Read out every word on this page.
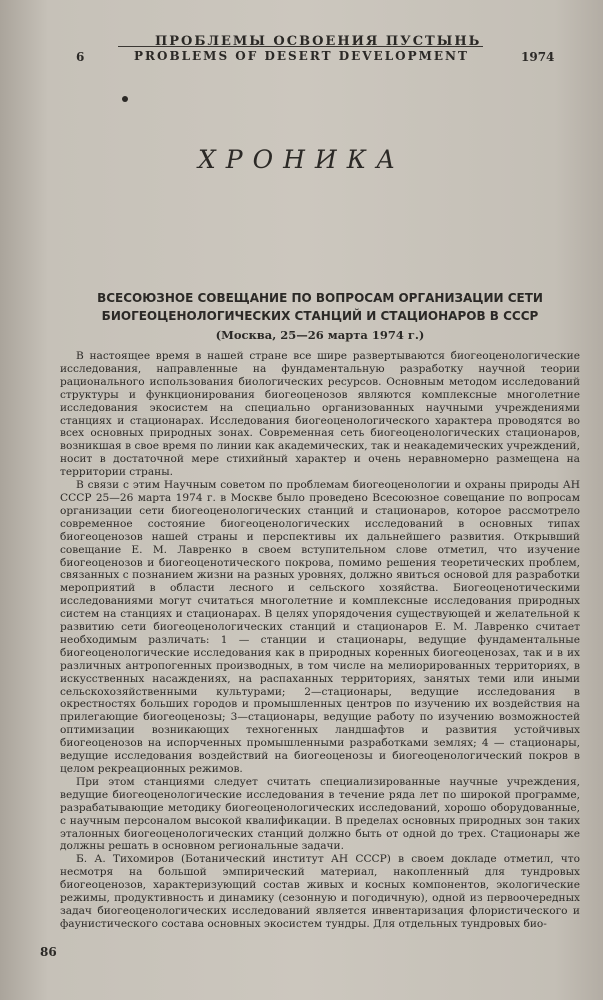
ПРОБЛЕМЫ ОСВОЕНИЯ ПУСТЫНЬ
6	PROBLEMS OF DESERT DEVELOPMENT	1974
ХРОНИКА
ВСЕСОЮЗНОЕ СОВЕЩАНИЕ ПО ВОПРОСАМ ОРГАНИЗАЦИИ СЕТИ
БИОГЕОЦЕНОЛОГИЧЕСКИХ СТАНЦИЙ И СТАЦИОНАРОВ В СССР
(Москва, 25—26 марта 1974 г.)

В настоящее время в нашей стране все шире развертываются биогеоценологические исследования, направленные на фундаментальную разработку научной теории рационального использования биологических ресурсов. Основным методом исследований структуры и функционирования биогеоценозов являются комплексные многолетние исследования экосистем на специально организованных научными учреждениями станциях и стационарах. Исследования биогеоценологического характера проводятся во всех основных природных зонах. Современная сеть биогеоценологических стационаров, возникшая в свое время по линии как академических, так и неакадемических учреждений, носит в достаточной мере стихийный характер и очень неравномерно размещена на территории страны.

В связи с этим Научным советом по проблемам биогеоценологии и охраны природы АН СССР 25—26 марта 1974 г. в Москве было проведено Всесоюзное совещание по вопросам организации сети биогеоценологических станций и стационаров, которое рассмотрело современное состояние биогеоценологических исследований в основных типах биогеоценозов нашей страны и перспективы их дальнейшего развития. Открывший совещание Е. М. Лавренко в своем вступительном слове отметил, что изучение биогеоценозов и биогеоценотического покрова, помимо решения теоретических проблем, связанных с познанием жизни на разных уровнях, должно явиться основой для разработки мероприятий в области лесного и сельского хозяйства. Биогеоценотическими исследованиями могут считаться многолетние и комплексные исследования природных систем на станциях и стационарах. В целях упорядочения существующей и желательной к развитию сети биогеоценологических станций и стационаров Е. М. Лавренко считает необходимым различать: 1 — станции и стационары, ведущие фундаментальные биогеоценологические исследования как в природных коренных биогеоценозах, так и в их различных антропогенных производных, в том числе на мелиорированных территориях, в искусственных насаждениях, на распаханных территориях, занятых теми или иными сельскохозяйственными культурами; 2—стационары, ведущие исследования в окрестностях больших городов и промышленных центров по изучению их воздействия на прилегающие биогеоценозы; 3—стационары, ведущие работу по изучению возможностей оптимизации возникающих техногенных ландшафтов и развития устойчивых биогеоценозов на испорченных промышленными разработками землях; 4 — стационары, ведущие исследования воздействий на биогеоценозы и биогеоценологический покров в целом рекреационных режимов.

При этом станциями следует считать специализированные научные учреждения, ведущие биогеоценологические исследования в течение ряда лет по широкой программе, разрабатывающие методику биогеоценологических исследований, хорошо оборудованные, с научным персоналом высокой квалификации. В пределах основных природных зон таких эталонных биогеоценологических станций должно быть от одной до трех. Стационары же должны решать в основном региональные задачи.

Б. А. Тихомиров (Ботанический институт АН СССР) в своем докладе отметил, что несмотря на большой эмпирический материал, накопленный для тундровых биогеоценозов, характеризующий состав живых и косных компонентов, экологические режимы, продуктивность и динамику (сезонную и погодичную), одной из первоочередных задач биогеоценологических исследований является инвентаризация флористического и фаунистического состава основных экосистем тундры. Для отдельных тундровых био-

86
